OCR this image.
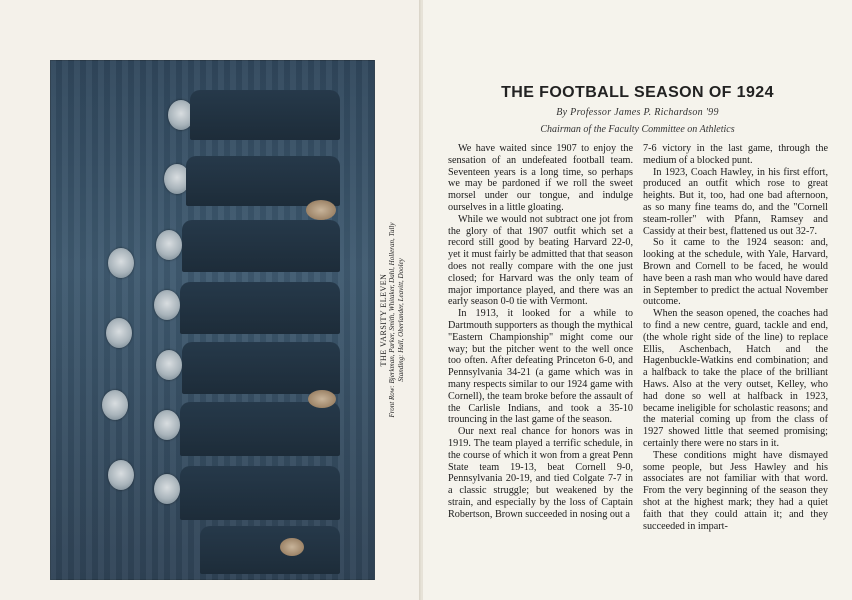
THE VARSITY ELEVEN Front Row: Bjerkman, Parker, Smith, Whitaker, Dahl, Holleran, Tully Standing: Hall, Oberlander, Leavitt, Dooley
THE FOOTBALL SEASON OF 1924
By Professor James P. Richardson '99
Chairman of the Faculty Committee on Athletics

We have waited since 1907 to enjoy the sensation of an undefeated football team. Seventeen years is a long time, so perhaps we may be pardoned if we roll the sweet morsel under our tongue, and indulge ourselves in a little gloating.

While we would not subtract one jot from the glory of that 1907 outfit which set a record still good by beating Harvard 22-0, yet it must fairly be admitted that that season does not really compare with the one just closed; for Harvard was the only team of major importance played, and there was an early season 0-0 tie with Vermont.

In 1913, it looked for a while to Dartmouth supporters as though the mythical "Eastern Championship" might come our way; but the pitcher went to the well once too often. After defeating Princeton 6-0, and Pennsylvania 34-21 (a game which was in many respects similar to our 1924 game with Cornell), the team broke before the assault of the Carlisle Indians, and took a 35-10 trouncing in the last game of the season.

Our next real chance for honors was in 1919. The team played a terrific schedule, in the course of which it won from a great Penn State team 19-13, beat Cornell 9-0, Pennsylvania 20-19, and tied Colgate 7-7 in a classic struggle; but weakened by the strain, and especially by the loss of Captain Robertson, Brown succeeded in nosing out a

7-6 victory in the last game, through the medium of a blocked punt.

In 1923, Coach Hawley, in his first effort, produced an outfit which rose to great heights. But it, too, had one bad afternoon, as so many fine teams do, and the "Cornell steam-roller" with Pfann, Ramsey and Cassidy at their best, flattened us out 32-7.

So it came to the 1924 season: and, looking at the schedule, with Yale, Harvard, Brown and Cornell to be faced, he would have been a rash man who would have dared in September to predict the actual November outcome.

When the season opened, the coaches had to find a new centre, guard, tackle and end, (the whole right side of the line) to replace Ellis, Aschenbach, Hatch and the Hagenbuckle-Watkins end combination; and a halfback to take the place of the brilliant Haws. Also at the very outset, Kelley, who had done so well at halfback in 1923, became ineligible for scholastic reasons; and the material coming up from the class of 1927 showed little that seemed promising; certainly there were no stars in it.

These conditions might have dismayed some people, but Jess Hawley and his associates are not familiar with that word. From the very beginning of the season they shot at the highest mark; they had a quiet faith that they could attain it; and they succeeded in impart-
